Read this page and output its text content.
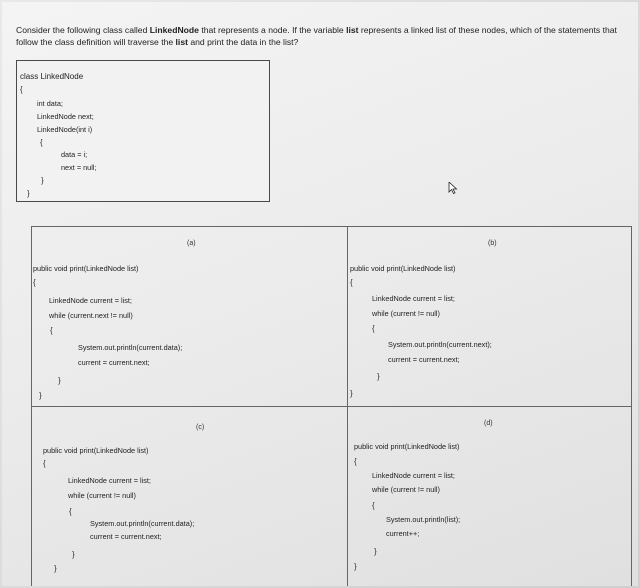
Consider the following class called LinkedNode that represents a node. If the variable list represents a linked list of these nodes, which of the statements that follow the class definition will traverse the list and print the data in the list?
class LinkedNode
{
int data;
LinkedNode next;
LinkedNode(int i)
{
data = i;
next = null;
}
}
(a)
public void print(LinkedNode list)
{
LinkedNode current = list;
while (current.next != null)
{
System.out.println(current.data);
current = current.next;
}
}
(b)
public void print(LinkedNode list)
{
LinkedNode current = list;
while (current != null)
{
System.out.println(current.next);
current = current.next;
}
}
(c)
public void print(LinkedNode list)
{
LinkedNode current = list;
while (current != null)
{
System.out.println(current.data);
current = current.next;
}
}
(d)
public void print(LinkedNode list)
{
LinkedNode current = list;
while (current != null)
{
System.out.println(list);
current++;
}
}
